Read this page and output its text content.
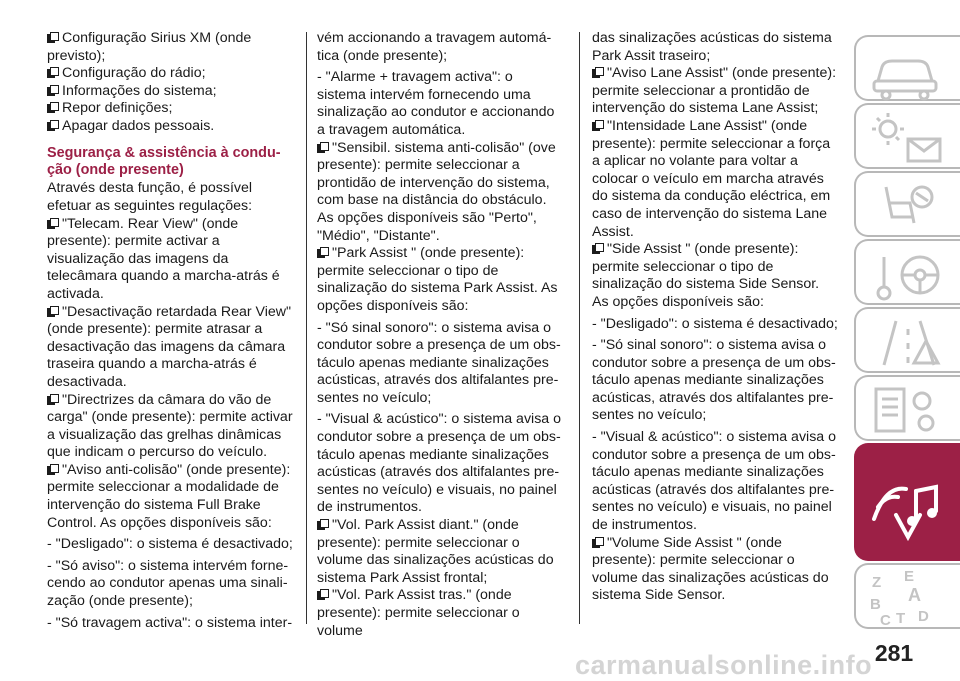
Configuração Sirius XM (onde previsto);

Configuração do rádio;

Informações do sistema;

Repor definições;

Apagar dados pessoais.

Segurança & assistência à condu-ção (onde presente)

Através desta função, é possível efetuar as seguintes regulações:

"Telecam. Rear View" (onde presente): permite activar a visualização das imagens da telecâmara quando a marcha-atrás é activada.

"Desactivação retardada Rear View" (onde presente): permite atrasar a desactivação das imagens da câmara traseira quando a marcha-atrás é desactivada.

"Directrizes da câmara do vão de carga" (onde presente): permite activar a visualização das grelhas dinâmicas que indicam o percurso do veículo.

"Aviso anti-colisão" (onde presente): permite seleccionar a modalidade de intervenção do sistema Full Brake Control. As opções disponíveis são:

- "Desligado": o sistema é desactivado;

- "Só aviso": o sistema intervém forne-cendo ao condutor apenas uma sinali-zação (onde presente);

- "Só travagem activa": o sistema inter-

vém accionando a travagem automá-tica (onde presente);

- "Alarme + travagem activa": o sistema intervém fornecendo uma sinalização ao condutor e accionando a travagem automática.

"Sensibil. sistema anti-colisão" (ove presente): permite seleccionar a prontidão de intervenção do sistema, com base na distância do obstáculo. As opções disponíveis são "Perto", "Médio", "Distante".

"Park Assist " (onde presente): permite seleccionar o tipo de sinalização do sistema Park Assist. As opções disponíveis são:

- "Só sinal sonoro": o sistema avisa o condutor sobre a presença de um obs-táculo apenas mediante sinalizações acústicas, através dos altifalantes pre-sentes no veículo;

- "Visual & acústico": o sistema avisa o condutor sobre a presença de um obs-táculo apenas mediante sinalizações acústicas (através dos altifalantes pre-sentes no veículo) e visuais, no painel de instrumentos.

"Vol. Park Assist diant." (onde presente): permite seleccionar o volume das sinalizações acústicas do sistema Park Assist frontal;

"Vol. Park Assist tras." (onde presente): permite seleccionar o volume

das sinalizações acústicas do sistema Park Assit traseiro;

"Aviso Lane Assist" (onde presente): permite seleccionar a prontidão de intervenção do sistema Lane Assist;

"Intensidade Lane Assist" (onde presente): permite seleccionar a força a aplicar no volante para voltar a colocar o veículo em marcha através do sistema da condução eléctrica, em caso de intervenção do sistema Lane Assist.

"Side Assist " (onde presente): permite seleccionar o tipo de sinalização do sistema Side Sensor. As opções disponíveis são:

- "Desligado": o sistema é desactivado;

- "Só sinal sonoro": o sistema avisa o condutor sobre a presença de um obs-táculo apenas mediante sinalizações acústicas, através dos altifalantes pre-sentes no veículo;

- "Visual & acústico": o sistema avisa o condutor sobre a presença de um obs-táculo apenas mediante sinalizações acústicas (através dos altifalantes pre-sentes no veículo) e visuais, no painel de instrumentos.

"Volume Side Assist " (onde presente): permite seleccionar o volume das sinalizações acústicas do sistema Side Sensor.

Z E
B A
C T D
281
carmanualsonline.info
